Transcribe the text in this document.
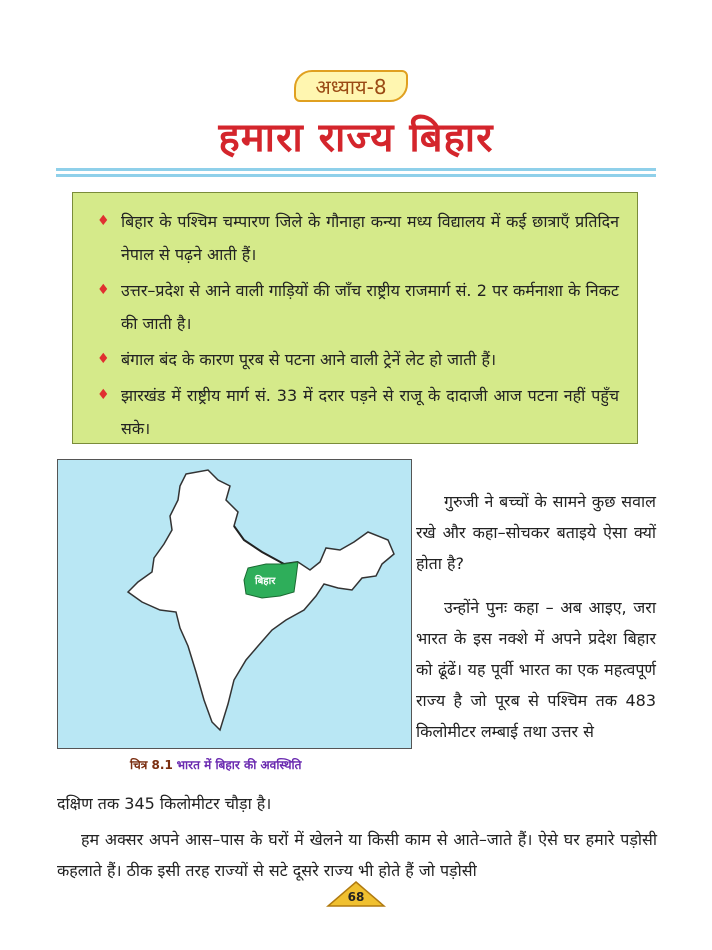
अध्याय-8
हमारा राज्य बिहार
♦ बिहार के पश्चिम चम्पारण जिले के गौनाहा कन्या मध्य विद्यालय में कई छात्राएँ प्रतिदिन नेपाल से पढ़ने आती हैं।
♦ उत्तर–प्रदेश से आने वाली गाड़ियों की जाँच राष्ट्रीय राजमार्ग सं. 2 पर कर्मनाशा के निकट की जाती है।
♦ बंगाल बंद के कारण पूरब से पटना आने वाली ट्रेनें लेट हो जाती हैं।
♦ झारखंड में राष्ट्रीय मार्ग सं. 33 में दरार पड़ने से राजू के दादाजी आज पटना नहीं पहुँच सके।
बिहार
चित्र 8.1 भारत में बिहार की अवस्थिति
गुरुजी ने बच्चों के सामने कुछ सवाल रखे और कहा–सोचकर बताइये ऐसा क्यों होता है?
उन्होंने पुनः कहा – अब आइए, जरा भारत के इस नक्शे में अपने प्रदेश बिहार को ढूंढें। यह पूर्वी भारत का एक महत्वपूर्ण राज्य है जो पूरब से पश्चिम तक 483 किलोमीटर लम्बाई तथा उत्तर से
दक्षिण तक 345 किलोमीटर चौड़ा है।
हम अक्सर अपने आस–पास के घरों में खेलने या किसी काम से आते–जाते हैं। ऐसे घर हमारे पड़ोसी कहलाते हैं। ठीक इसी तरह राज्यों से सटे दूसरे राज्य भी होते हैं जो पड़ोसी
68
